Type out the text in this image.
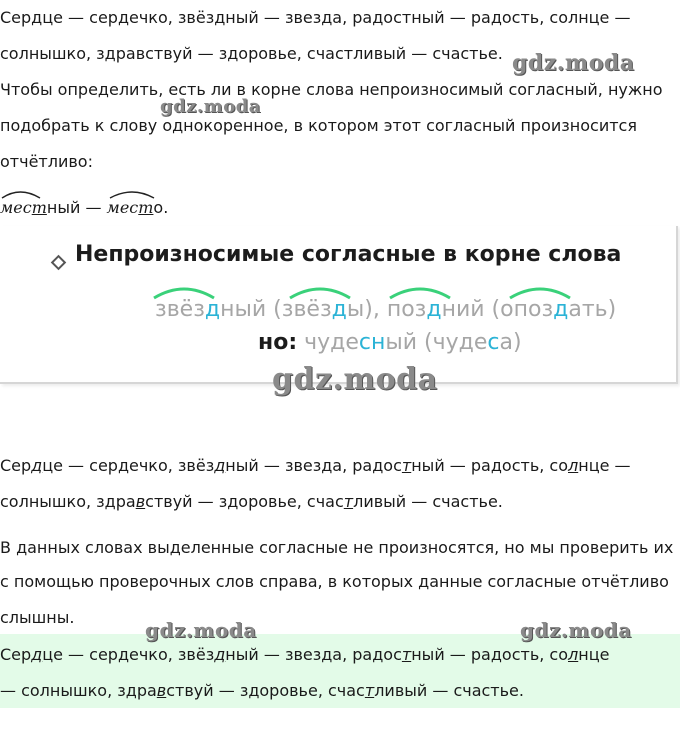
Сердце — сердечко, звёздный — звезда, радостный — радость, солнце —

солнышко, здравствуй — здоровье, счастливый — счастье.

Чтобы определить, есть ли в корне слова непроизносимый согласный, нужно

подобрать к слову однокоренное, в котором этот согласный произносится

отчётливо:

местный — место.
Непроизносимые согласные в корне слова
звёздный (звёзды), поздний (опоздать)
но: чудесный (чудеса)
Сердце — сердечко, звёздный — звезда, радостный — радость, солнце —
солнышко, здравствуй — здоровье, счастливый — счастье.

В данных словах выделенные согласные не произносятся, но мы проверить их

с помощью проверочных слов справа, в которых данные согласные отчётливо

слышны.

Сердце — сердечко, звёздный — звезда, радостный — радость, солнце
— солнышко, здравствуй — здоровье, счастливый — счастье.
gdz.moda
gdz.moda
gdz.moda
gdz.moda	gdz.moda
